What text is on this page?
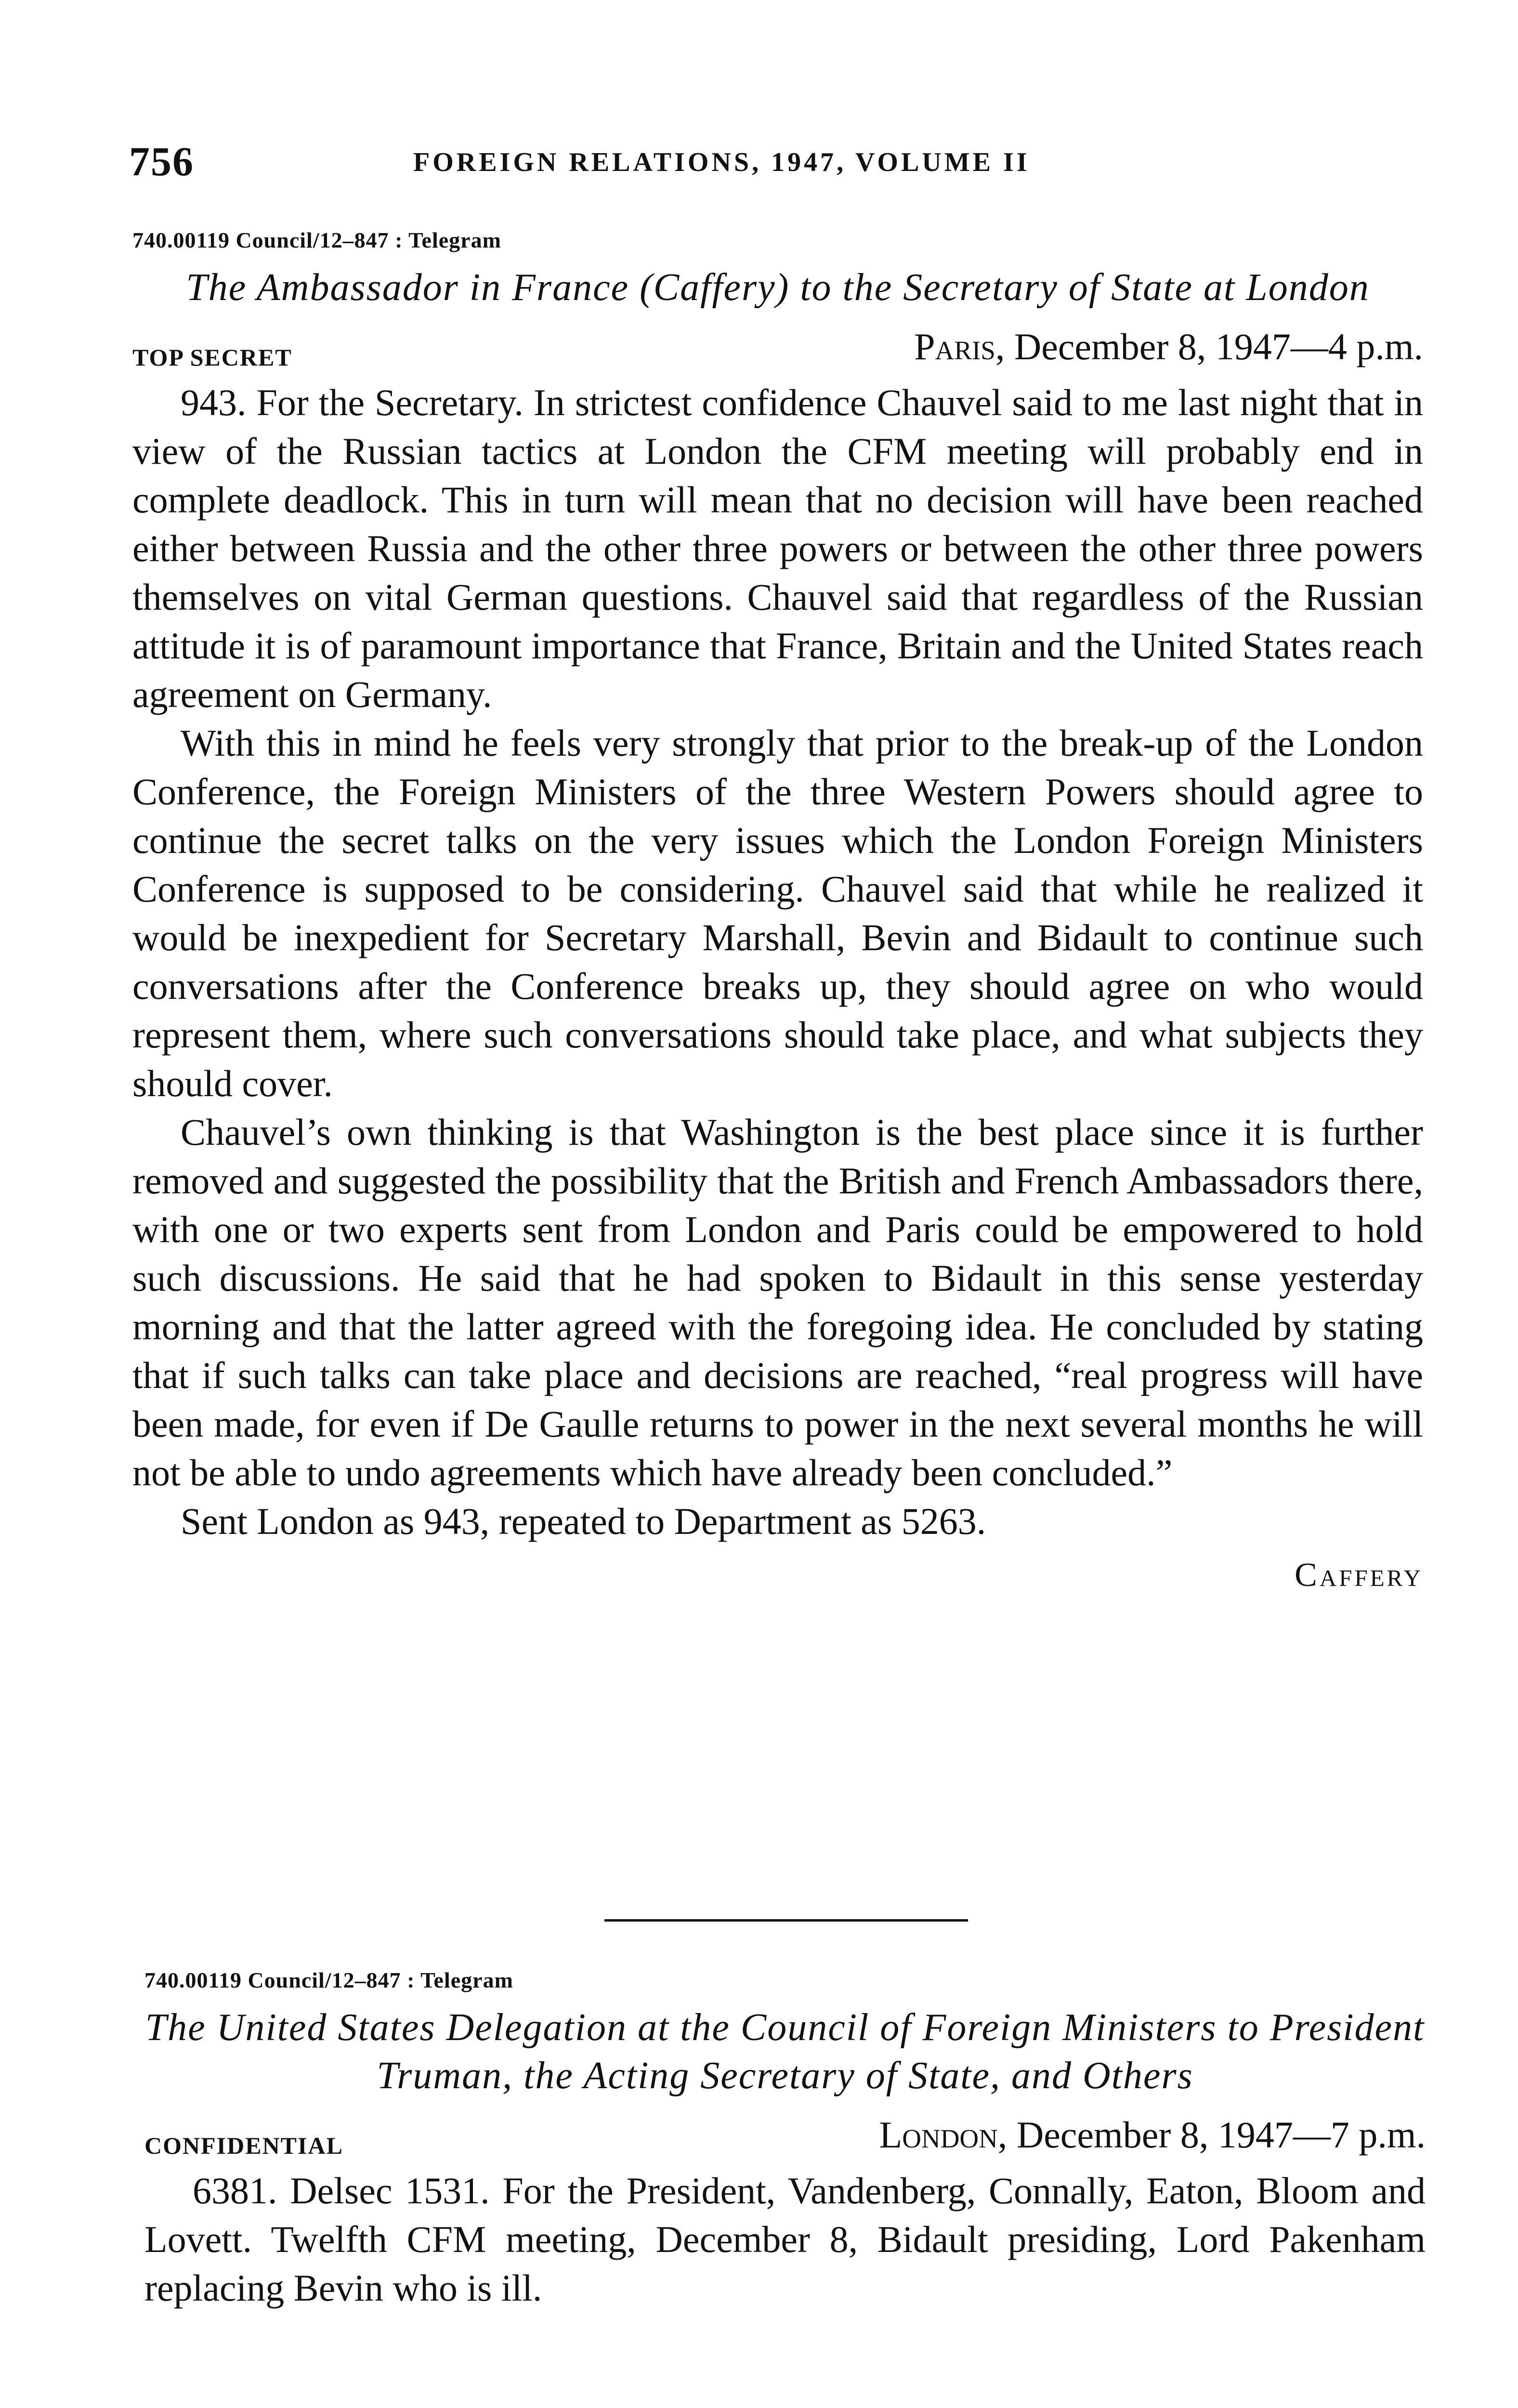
756	FOREIGN RELATIONS, 1947, VOLUME II

740.00119 Council/12–847 : Telegram

The Ambassador in France (Caffery) to the Secretary of State at London

TOP SECRET	Paris, December 8, 1947—4 p.m.

943. For the Secretary. In strictest confidence Chauvel said to me last night that in view of the Russian tactics at London the CFM meeting will probably end in complete deadlock. This in turn will mean that no decision will have been reached either between Russia and the other three powers or between the other three powers themselves on vital German questions. Chauvel said that regardless of the Russian attitude it is of paramount importance that France, Britain and the United States reach agreement on Germany.

With this in mind he feels very strongly that prior to the break-up of the London Conference, the Foreign Ministers of the three Western Powers should agree to continue the secret talks on the very issues which the London Foreign Ministers Conference is supposed to be considering. Chauvel said that while he realized it would be inexpedient for Secretary Marshall, Bevin and Bidault to continue such conversations after the Conference breaks up, they should agree on who would represent them, where such conversations should take place, and what subjects they should cover.

Chauvel’s own thinking is that Washington is the best place since it is further removed and suggested the possibility that the British and French Ambassadors there, with one or two experts sent from London and Paris could be empowered to hold such discussions. He said that he had spoken to Bidault in this sense yesterday morning and that the latter agreed with the foregoing idea. He concluded by stating that if such talks can take place and decisions are reached, “real progress will have been made, for even if De Gaulle returns to power in the next several months he will not be able to undo agreements which have already been concluded.”

Sent London as 943, repeated to Department as 5263.

Caffery

740.00119 Council/12–847 : Telegram

The United States Delegation at the Council of Foreign Ministers to President Truman, the Acting Secretary of State, and Others

CONFIDENTIAL	London, December 8, 1947—7 p.m.

6381. Delsec 1531. For the President, Vandenberg, Connally, Eaton, Bloom and Lovett. Twelfth CFM meeting, December 8, Bidault presiding, Lord Pakenham replacing Bevin who is ill.
